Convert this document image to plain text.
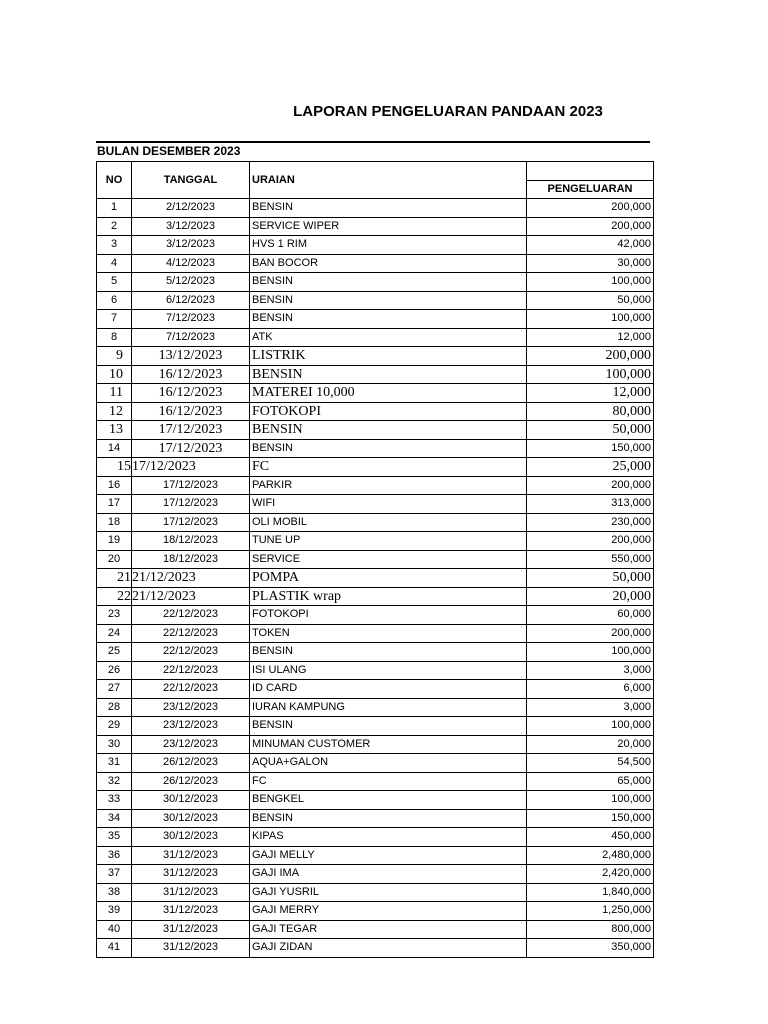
LAPORAN PENGELUARAN PANDAAN 2023
BULAN DESEMBER 2023
NO	TANGGAL	URAIAN	
			PENGELUARAN
1	2/12/2023	BENSIN	200,000
2	3/12/2023	SERVICE WIPER	200,000
3	3/12/2023	HVS 1 RIM	42,000
4	4/12/2023	BAN BOCOR	30,000
5	5/12/2023	BENSIN	100,000
6	6/12/2023	BENSIN	50,000
7	7/12/2023	BENSIN	100,000
8	7/12/2023	ATK	12,000
9	13/12/2023	LISTRIK	200,000
10	16/12/2023	BENSIN	100,000
11	16/12/2023	MATEREI 10,000	12,000
12	16/12/2023	FOTOKOPI	80,000
13	17/12/2023	BENSIN	50,000
14	17/12/2023	BENSIN	150,000
15	17/12/2023	FC	25,000
16	17/12/2023	PARKIR	200,000
17	17/12/2023	WIFI	313,000
18	17/12/2023	OLI MOBIL	230,000
19	18/12/2023	TUNE UP	200,000
20	18/12/2023	SERVICE	550,000
21	21/12/2023	POMPA	50,000
22	21/12/2023	PLASTIK wrap	20,000
23	22/12/2023	FOTOKOPI	60,000
24	22/12/2023	TOKEN	200,000
25	22/12/2023	BENSIN	100,000
26	22/12/2023	ISI ULANG	3,000
27	22/12/2023	ID CARD	6,000
28	23/12/2023	IURAN KAMPUNG	3,000
29	23/12/2023	BENSIN	100,000
30	23/12/2023	MINUMAN CUSTOMER	20,000
31	26/12/2023	AQUA+GALON	54,500
32	26/12/2023	FC	65,000
33	30/12/2023	BENGKEL	100,000
34	30/12/2023	BENSIN	150,000
35	30/12/2023	KIPAS	450,000
36	31/12/2023	GAJI MELLY	2,480,000
37	31/12/2023	GAJI IMA	2,420,000
38	31/12/2023	GAJI YUSRIL	1,840,000
39	31/12/2023	GAJI MERRY	1,250,000
40	31/12/2023	GAJI TEGAR	800,000
41	31/12/2023	GAJI ZIDAN	350,000
